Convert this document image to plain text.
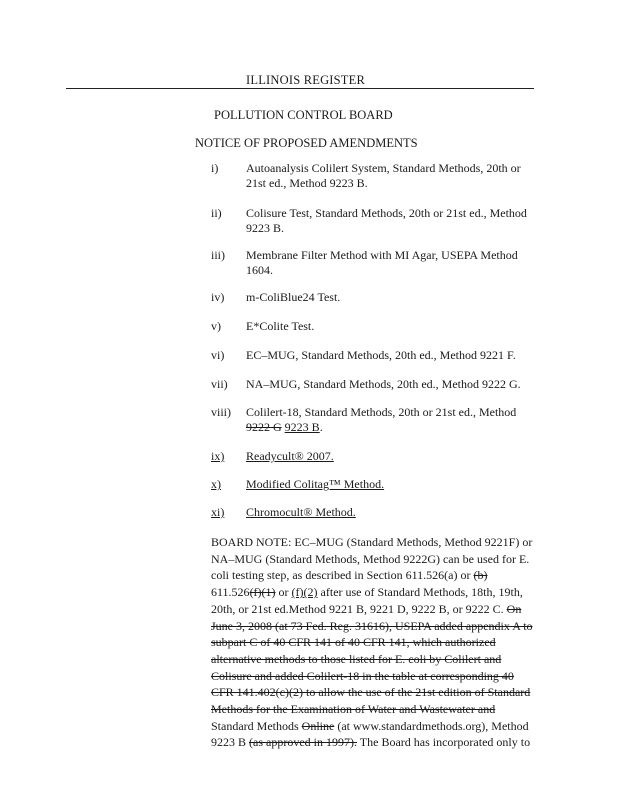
ILLINOIS REGISTER
POLLUTION CONTROL BOARD
NOTICE OF PROPOSED AMENDMENTS
i)	Autoanalysis Colilert System, Standard Methods, 20th or 21st ed., Method 9223 B.
ii)	Colisure Test, Standard Methods, 20th or 21st ed., Method 9223 B.
iii)	Membrane Filter Method with MI Agar, USEPA Method 1604.
iv)	m-ColiBlue24 Test.
v)	E*Colite Test.
vi)	EC–MUG, Standard Methods, 20th ed., Method 9221 F.
vii)	NA–MUG, Standard Methods, 20th ed., Method 9222 G.
viii)	Colilert-18, Standard Methods, 20th or 21st ed., Method 9222 G 9223 B.
ix)	Readycult® 2007.
x)	Modified Colitag™ Method.
xi)	Chromocult® Method.
BOARD NOTE: EC–MUG (Standard Methods, Method 9221F) or NA–MUG (Standard Methods, Method 9222G) can be used for E. coli testing step, as described in Section 611.526(a) or (b) 611.526(f)(1) or (f)(2) after use of Standard Methods, 18th, 19th, 20th, or 21st ed.Method 9221 B, 9221 D, 9222 B, or 9222 C. On June 3, 2008 (at 73 Fed. Reg. 31616), USEPA added appendix A to subpart C of 40 CFR 141 of 40 CFR 141, which authorized alternative methods to those listed for E. coli by Colilert and Colisure and added Colilert-18 in the table at corresponding 40 CFR 141.402(c)(2) to allow the use of the 21st edition of Standard Methods for the Examination of Water and Wastewater and Standard Methods Online (at www.standardmethods.org), Method 9223 B (as approved in 1997). The Board has incorporated only to
